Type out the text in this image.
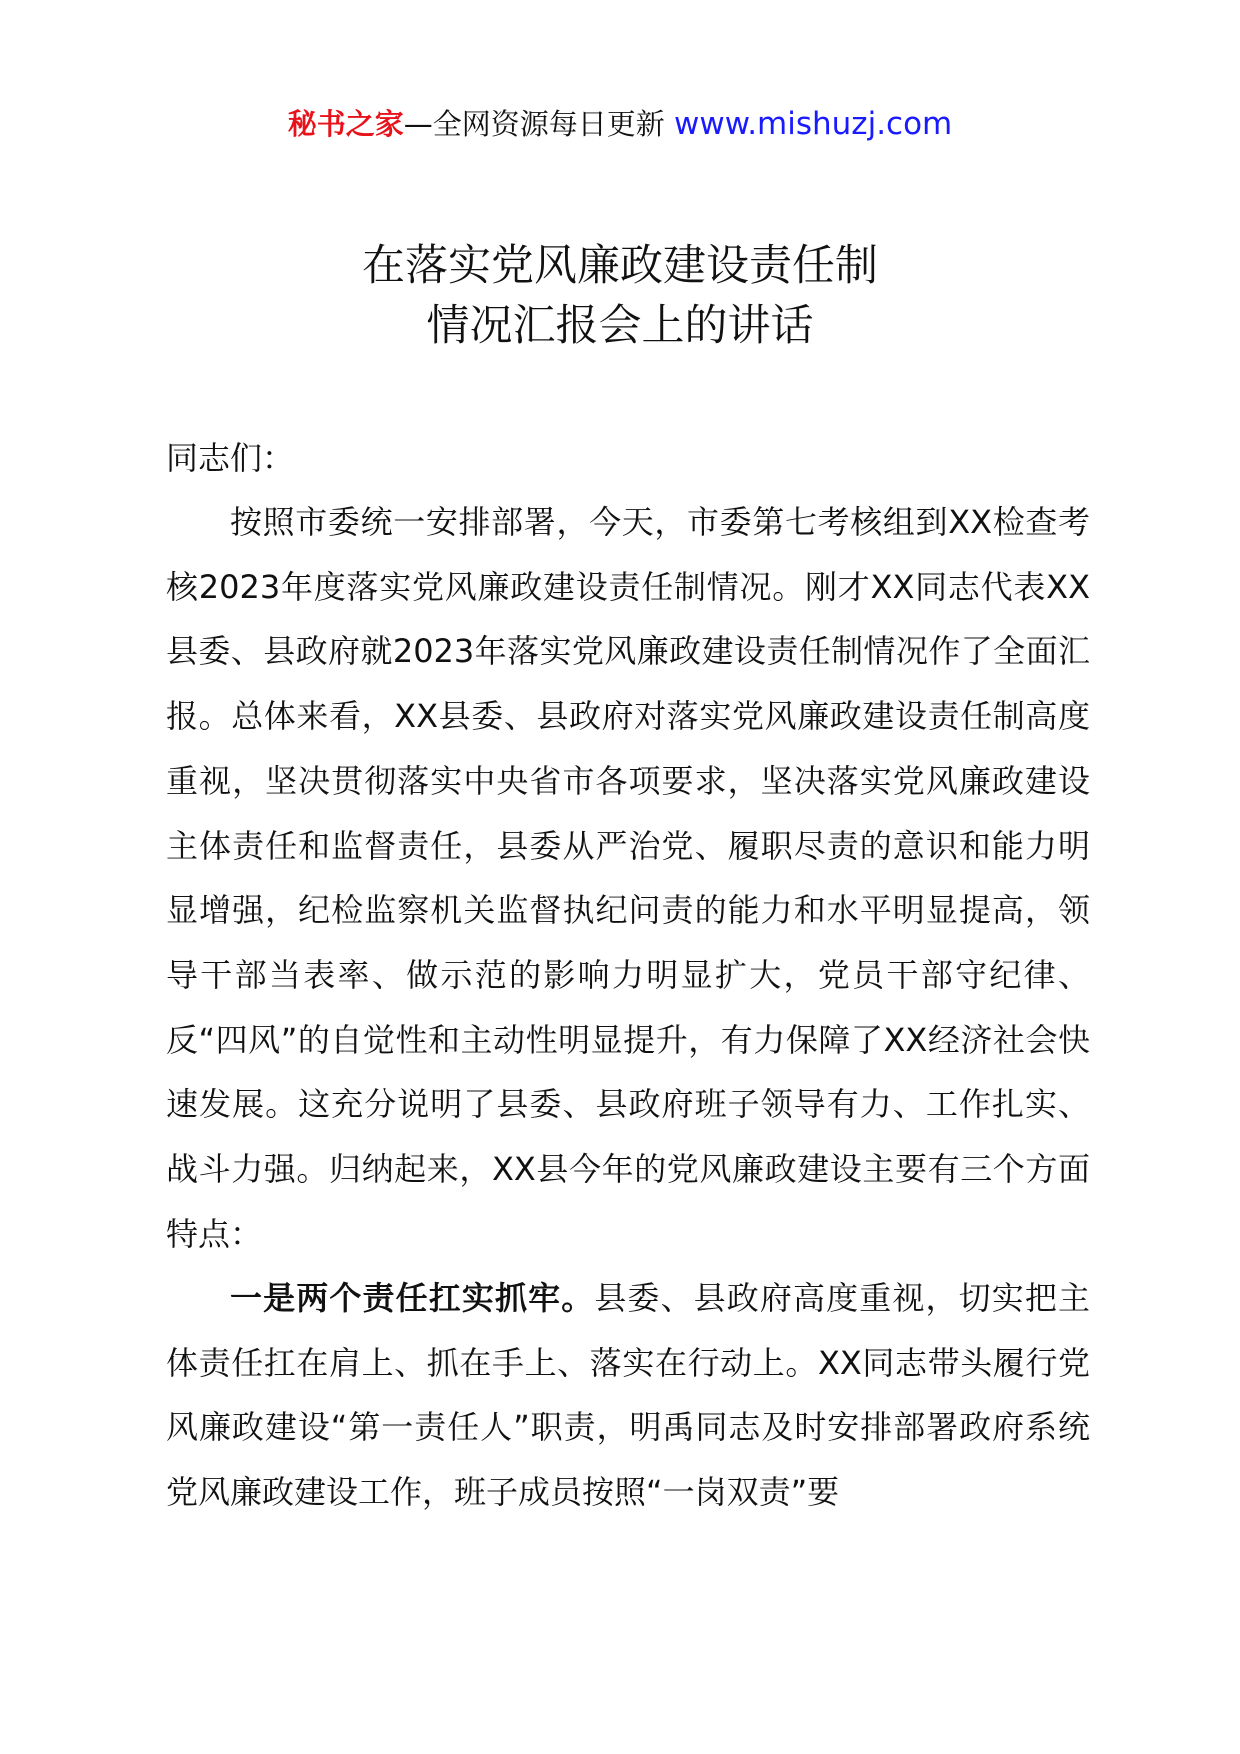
秘书之家—全网资源每日更新 www.mishuzj.com
在落实党风廉政建设责任制
情况汇报会上的讲话
同志们：

按照市委统一安排部署，今天，市委第七考核组到XX检查考核2023年度落实党风廉政建设责任制情况。刚才XX同志代表XX县委、县政府就2023年落实党风廉政建设责任制情况作了全面汇报。总体来看，XX县委、县政府对落实党风廉政建设责任制高度重视，坚决贯彻落实中央省市各项要求，坚决落实党风廉政建设主体责任和监督责任，县委从严治党、履职尽责的意识和能力明显增强，纪检监察机关监督执纪问责的能力和水平明显提高，领导干部当表率、做示范的影响力明显扩大，党员干部守纪律、反“四风”的自觉性和主动性明显提升，有力保障了XX经济社会快速发展。这充分说明了县委、县政府班子领导有力、工作扎实、战斗力强。归纳起来，XX县今年的党风廉政建设主要有三个方面特点：

一是两个责任扛实抓牢。县委、县政府高度重视，切实把主体责任扛在肩上、抓在手上、落实在行动上。XX同志带头履行党风廉政建设“第一责任人”职责，明禹同志及时安排部署政府系统党风廉政建设工作，班子成员按照“一岗双责”要
